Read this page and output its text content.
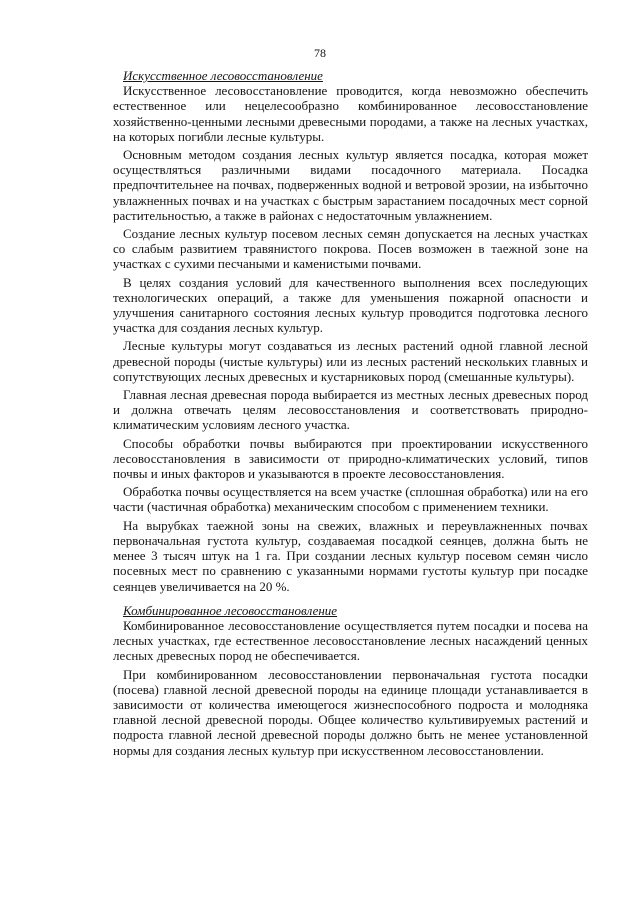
78
Искусственное лесовосстановление

Искусственное лесовосстановление проводится, когда невозможно обеспечить естественное или нецелесообразно комбинированное лесовосстановление хозяйственно-ценными лесными древесными породами, а также на лесных участках, на которых погибли лесные культуры.

Основным методом создания лесных культур является посадка, которая может осуществляться различными видами посадочного материала. Посадка предпочтительнее на почвах, подверженных водной и ветровой эрозии, на избыточно увлажненных почвах и на участках с быстрым зарастанием посадочных мест сорной растительностью, а также в районах с недостаточным увлажнением.

Создание лесных культур посевом лесных семян допускается на лесных участках со слабым развитием травянистого покрова. Посев возможен в таежной зоне на участках с сухими песчаными и каменистыми почвами.

В целях создания условий для качественного выполнения всех последующих технологических операций, а также для уменьшения пожарной опасности и улучшения санитарного состояния лесных культур проводится подготовка лесного участка для создания лесных культур.

Лесные культуры могут создаваться из лесных растений одной главной лесной древесной породы (чистые культуры) или из лесных растений нескольких главных и сопутствующих лесных древесных и кустарниковых пород (смешанные культуры).

Главная лесная древесная порода выбирается из местных лесных древесных пород и должна отвечать целям лесовосстановления и соответствовать природно-климатическим условиям лесного участка.

Способы обработки почвы выбираются при проектировании искусственного лесовосстановления в зависимости от природно-климатических условий, типов почвы и иных факторов и указываются в проекте лесовосстановления.

Обработка почвы осуществляется на всем участке (сплошная обработка) или на его части (частичная обработка) механическим способом с применением техники.

На вырубках таежной зоны на свежих, влажных и переувлажненных почвах первоначальная густота культур, создаваемая посадкой сеянцев, должна быть не менее 3 тысяч штук на 1 га. При создании лесных культур посевом семян число посевных мест по сравнению с указанными нормами густоты культур при посадке сеянцев увеличивается на 20 %.

Комбинированное лесовосстановление

Комбинированное лесовосстановление осуществляется путем посадки и посева на лесных участках, где естественное лесовосстановление лесных насаждений ценных лесных древесных пород не обеспечивается.

При комбинированном лесовосстановлении первоначальная густота посадки (посева) главной лесной древесной породы на единице площади устанавливается в зависимости от количества имеющегося жизнеспособного подроста и молодняка главной лесной древесной породы. Общее количество культивируемых растений и подроста главной лесной древесной породы должно быть не менее установленной нормы для создания лесных культур при искусственном лесовосстановлении.
